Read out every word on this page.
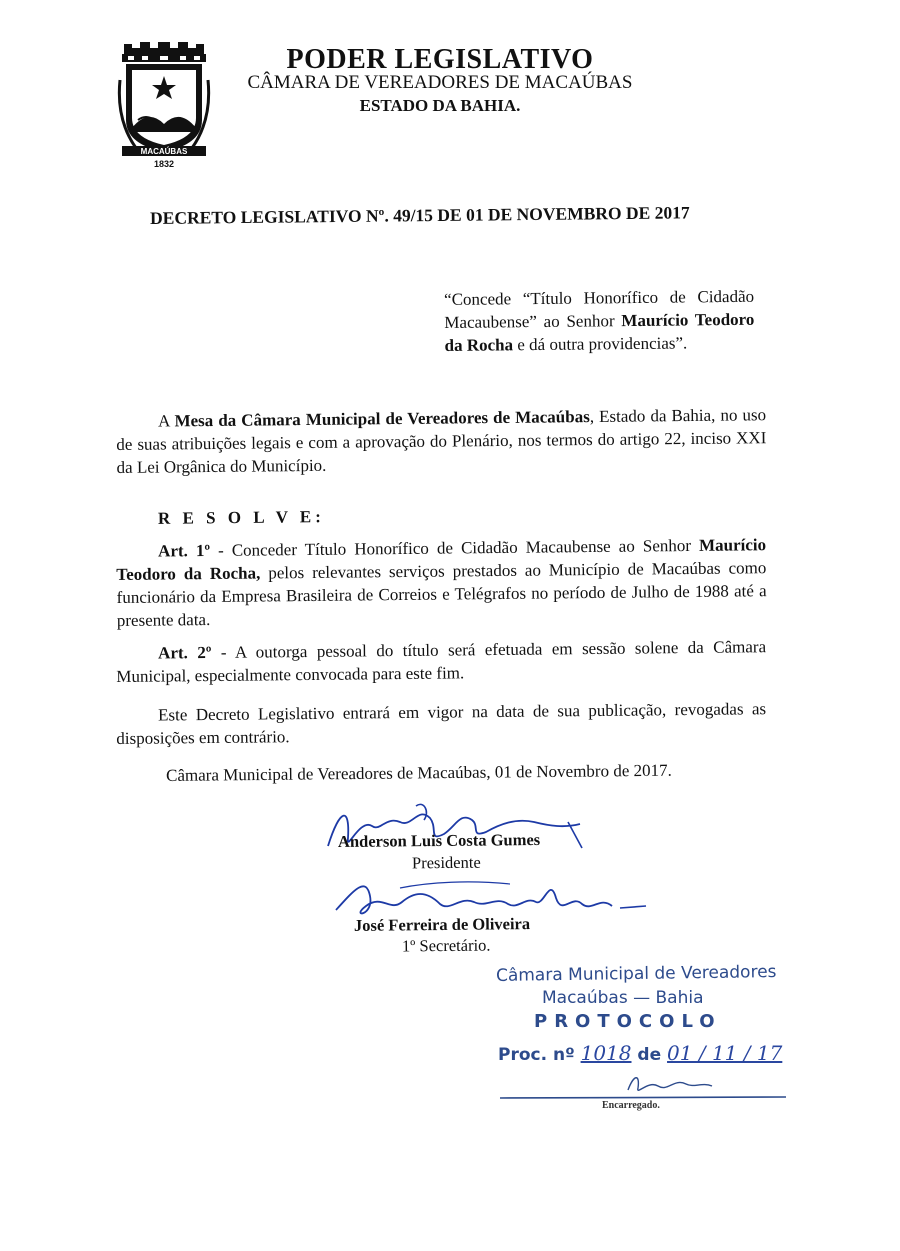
MACAÚBAS
1832
PODER LEGISLATIVO
CÂMARA DE VEREADORES DE MACAÚBAS
ESTADO DA BAHIA.
DECRETO LEGISLATIVO Nº. 49/15 DE 01 DE NOVEMBRO DE 2017
“Concede “Título Honorífico de Cidadão Macaubense” ao Senhor Maurício Teodoro da Rocha e dá outra providencias”.
A Mesa da Câmara Municipal de Vereadores de Macaúbas, Estado da Bahia, no uso de suas atribuições legais e com a aprovação do Plenário, nos termos do artigo 22, inciso XXI da Lei Orgânica do Município.
R E S O L V E:
Art. 1º - Conceder Título Honorífico de Cidadão Macaubense ao Senhor Maurício Teodoro da Rocha, pelos relevantes serviços prestados ao Município de Macaúbas como funcionário da Empresa Brasileira de Correios e Telégrafos no período de Julho de 1988 até a presente data.
Art. 2º - A outorga pessoal do título será efetuada em sessão solene da Câmara Municipal, especialmente convocada para este fim.
Este Decreto Legislativo entrará em vigor na data de sua publicação, revogadas as disposições em contrário.
Câmara Municipal de Vereadores de Macaúbas, 01 de Novembro de 2017.
Anderson Luis Costa Gumes
Presidente
José Ferreira de Oliveira
1º Secretário.
Câmara Municipal de Vereadores
Macaúbas — Bahia
PROTOCOLO
Proc. nº 1018 de 01 / 11 / 17
Encarregado.
